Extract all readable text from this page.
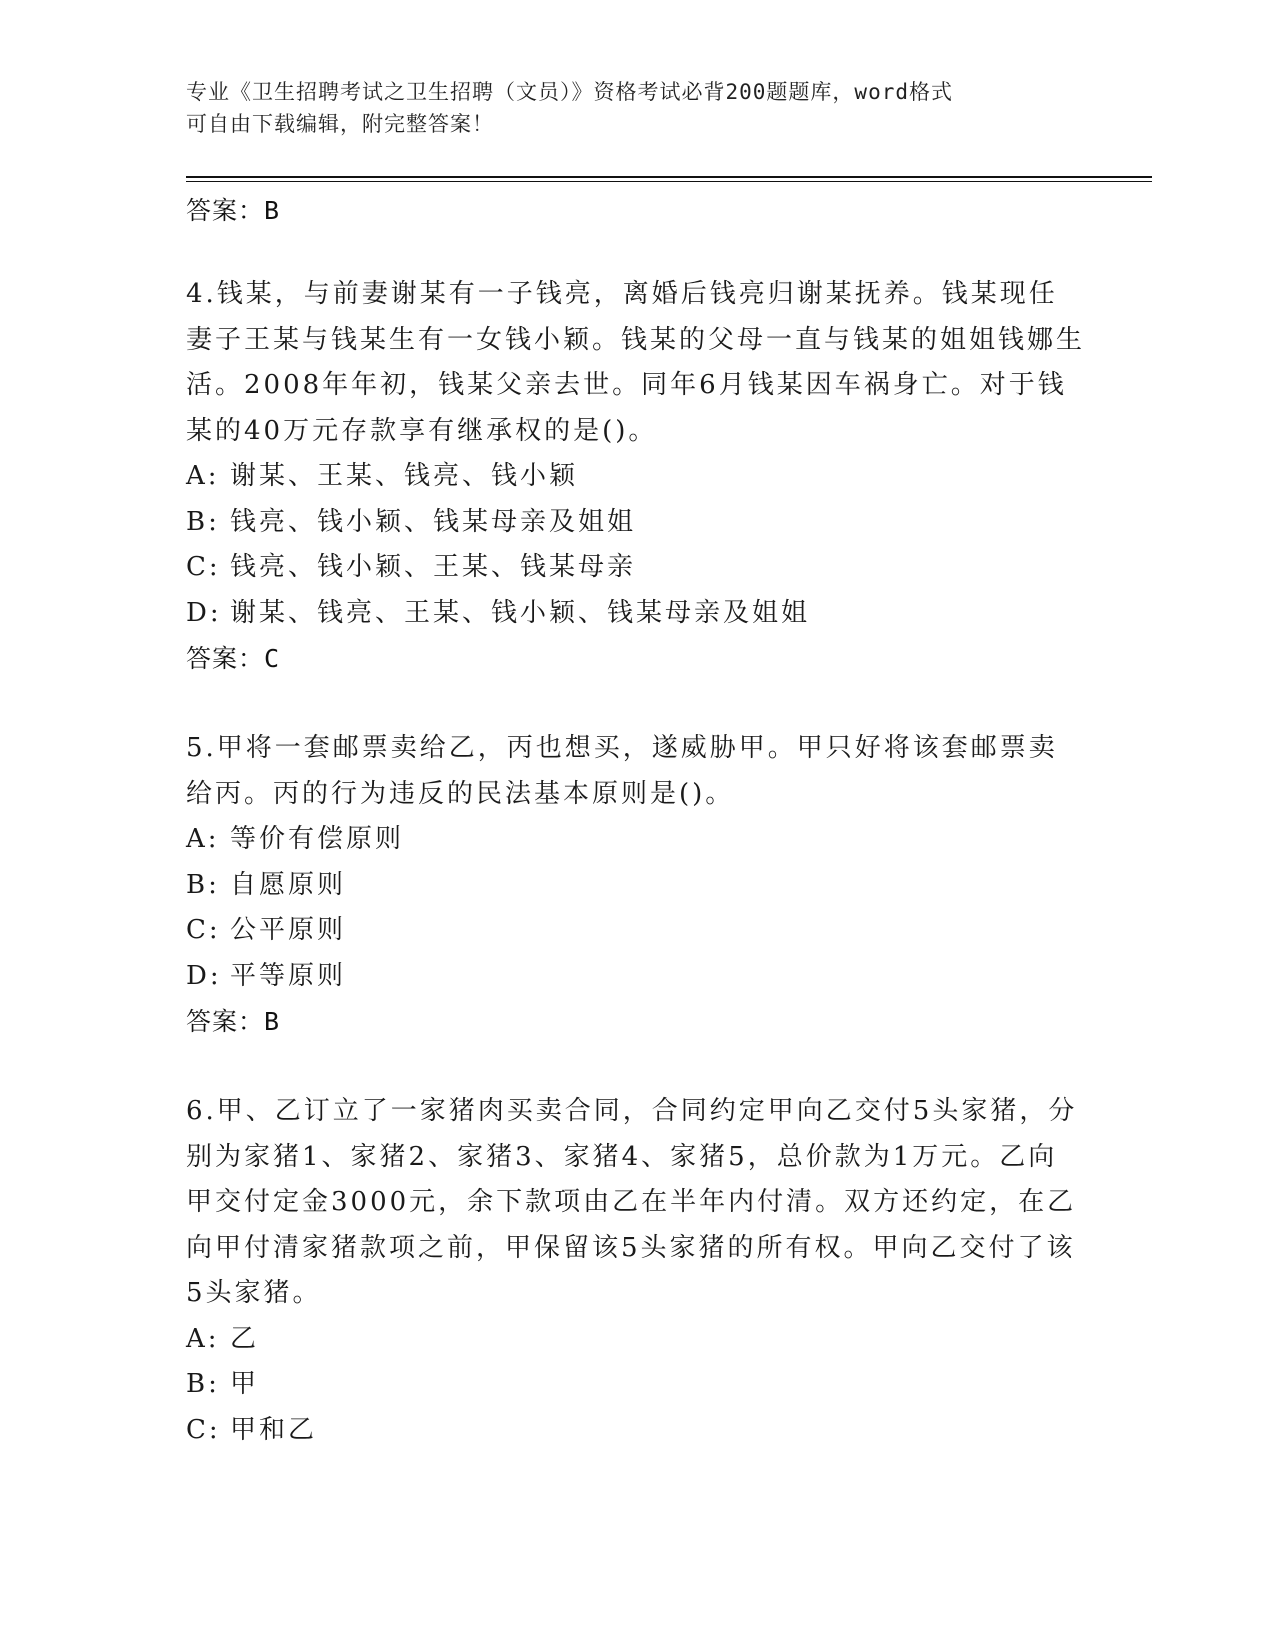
专业《卫生招聘考试之卫生招聘（文员）》资格考试必背200题题库，word格式
可自由下载编辑，附完整答案！
答案：B
4.钱某，与前妻谢某有一子钱亮，离婚后钱亮归谢某抚养。钱某现任妻子王某与钱某生有一女钱小颖。钱某的父母一直与钱某的姐姐钱娜生活。2008年年初，钱某父亲去世。同年6月钱某因车祸身亡。对于钱某的40万元存款享有继承权的是()。
A: 谢某、王某、钱亮、钱小颖
B: 钱亮、钱小颖、钱某母亲及姐姐
C: 钱亮、钱小颖、王某、钱某母亲
D: 谢某、钱亮、王某、钱小颖、钱某母亲及姐姐
答案：C
5.甲将一套邮票卖给乙，丙也想买，遂威胁甲。甲只好将该套邮票卖给丙。丙的行为违反的民法基本原则是()。
A: 等价有偿原则
B: 自愿原则
C: 公平原则
D: 平等原则
答案：B
6.甲、乙订立了一家猪肉买卖合同，合同约定甲向乙交付5头家猪，分别为家猪1、家猪2、家猪3、家猪4、家猪5，总价款为1万元。乙向甲交付定金3000元，余下款项由乙在半年内付清。双方还约定，在乙向甲付清家猪款项之前，甲保留该5头家猪的所有权。甲向乙交付了该5头家猪。
A: 乙
B: 甲
C: 甲和乙
